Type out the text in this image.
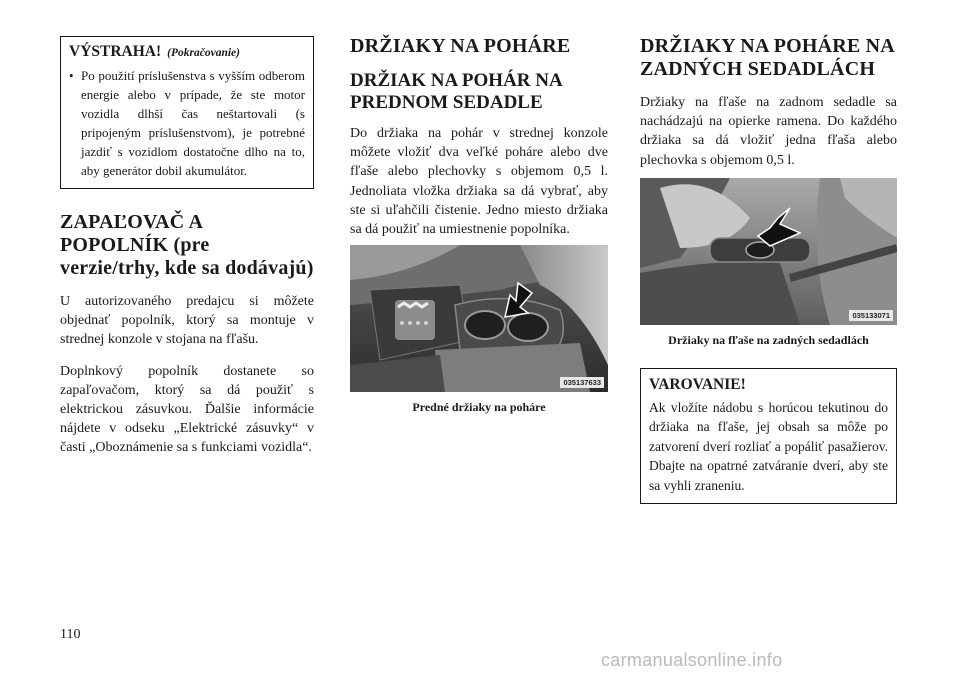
VÝSTRAHA! (Pokračovanie)

• Po použití príslušenstva s vyšším odberom energie alebo v prípade, že ste motor vozidla dlhší čas neštartovali (s pripojeným príslušenstvom), je potrebné jazdiť s vozidlom dostatočne dlho na to, aby generátor dobil akumulátor.

ZAPAĽOVAČ A POPOLNÍK (pre verzie/trhy, kde sa dodávajú)

U autorizovaného predajcu si môžete objednať popolník, ktorý sa montuje v strednej konzole v stojana na fľašu.

Doplnkový popolník dostanete so zapaľovačom, ktorý sa dá použiť s elektrickou zásuvkou. Ďalšie informácie nájdete v odseku „Elektrické zásuvky“ v časti „Oboznámenie sa s funkciami vozidla“.

DRŽIAKY NA POHÁRE
DRŽIAK NA POHÁR NA PREDNOM SEDADLE

Do držiaka na pohár v strednej konzole môžete vložiť dva veľké poháre alebo dve fľaše alebo plechovky s objemom 0,5 l. Jednoliata vložka držiaka sa dá vybrať, aby ste si uľahčili čistenie. Jedno miesto držiaka sa dá použiť na umiestnenie popolníka.

035137633
Predné držiaky na poháre
DRŽIAKY NA POHÁRE NA ZADNÝCH SEDADLÁCH

Držiaky na fľaše na zadnom sedadle sa nachádzajú na opierke ramena. Do každého držiaka sa dá vložiť jedna fľaša alebo plechovka s objemom 0,5 l.

035133071
Držiaky na fľaše na zadných sedadlách
VAROVANIE!

Ak vložíte nádobu s horúcou tekutinou do držiaka na fľaše, jej obsah sa môže po zatvorení dverí rozliať a popáliť pasažierov. Dbajte na opatrné zatváranie dverí, aby ste sa vyhli zraneniu.

110
carmanualsonline.info
